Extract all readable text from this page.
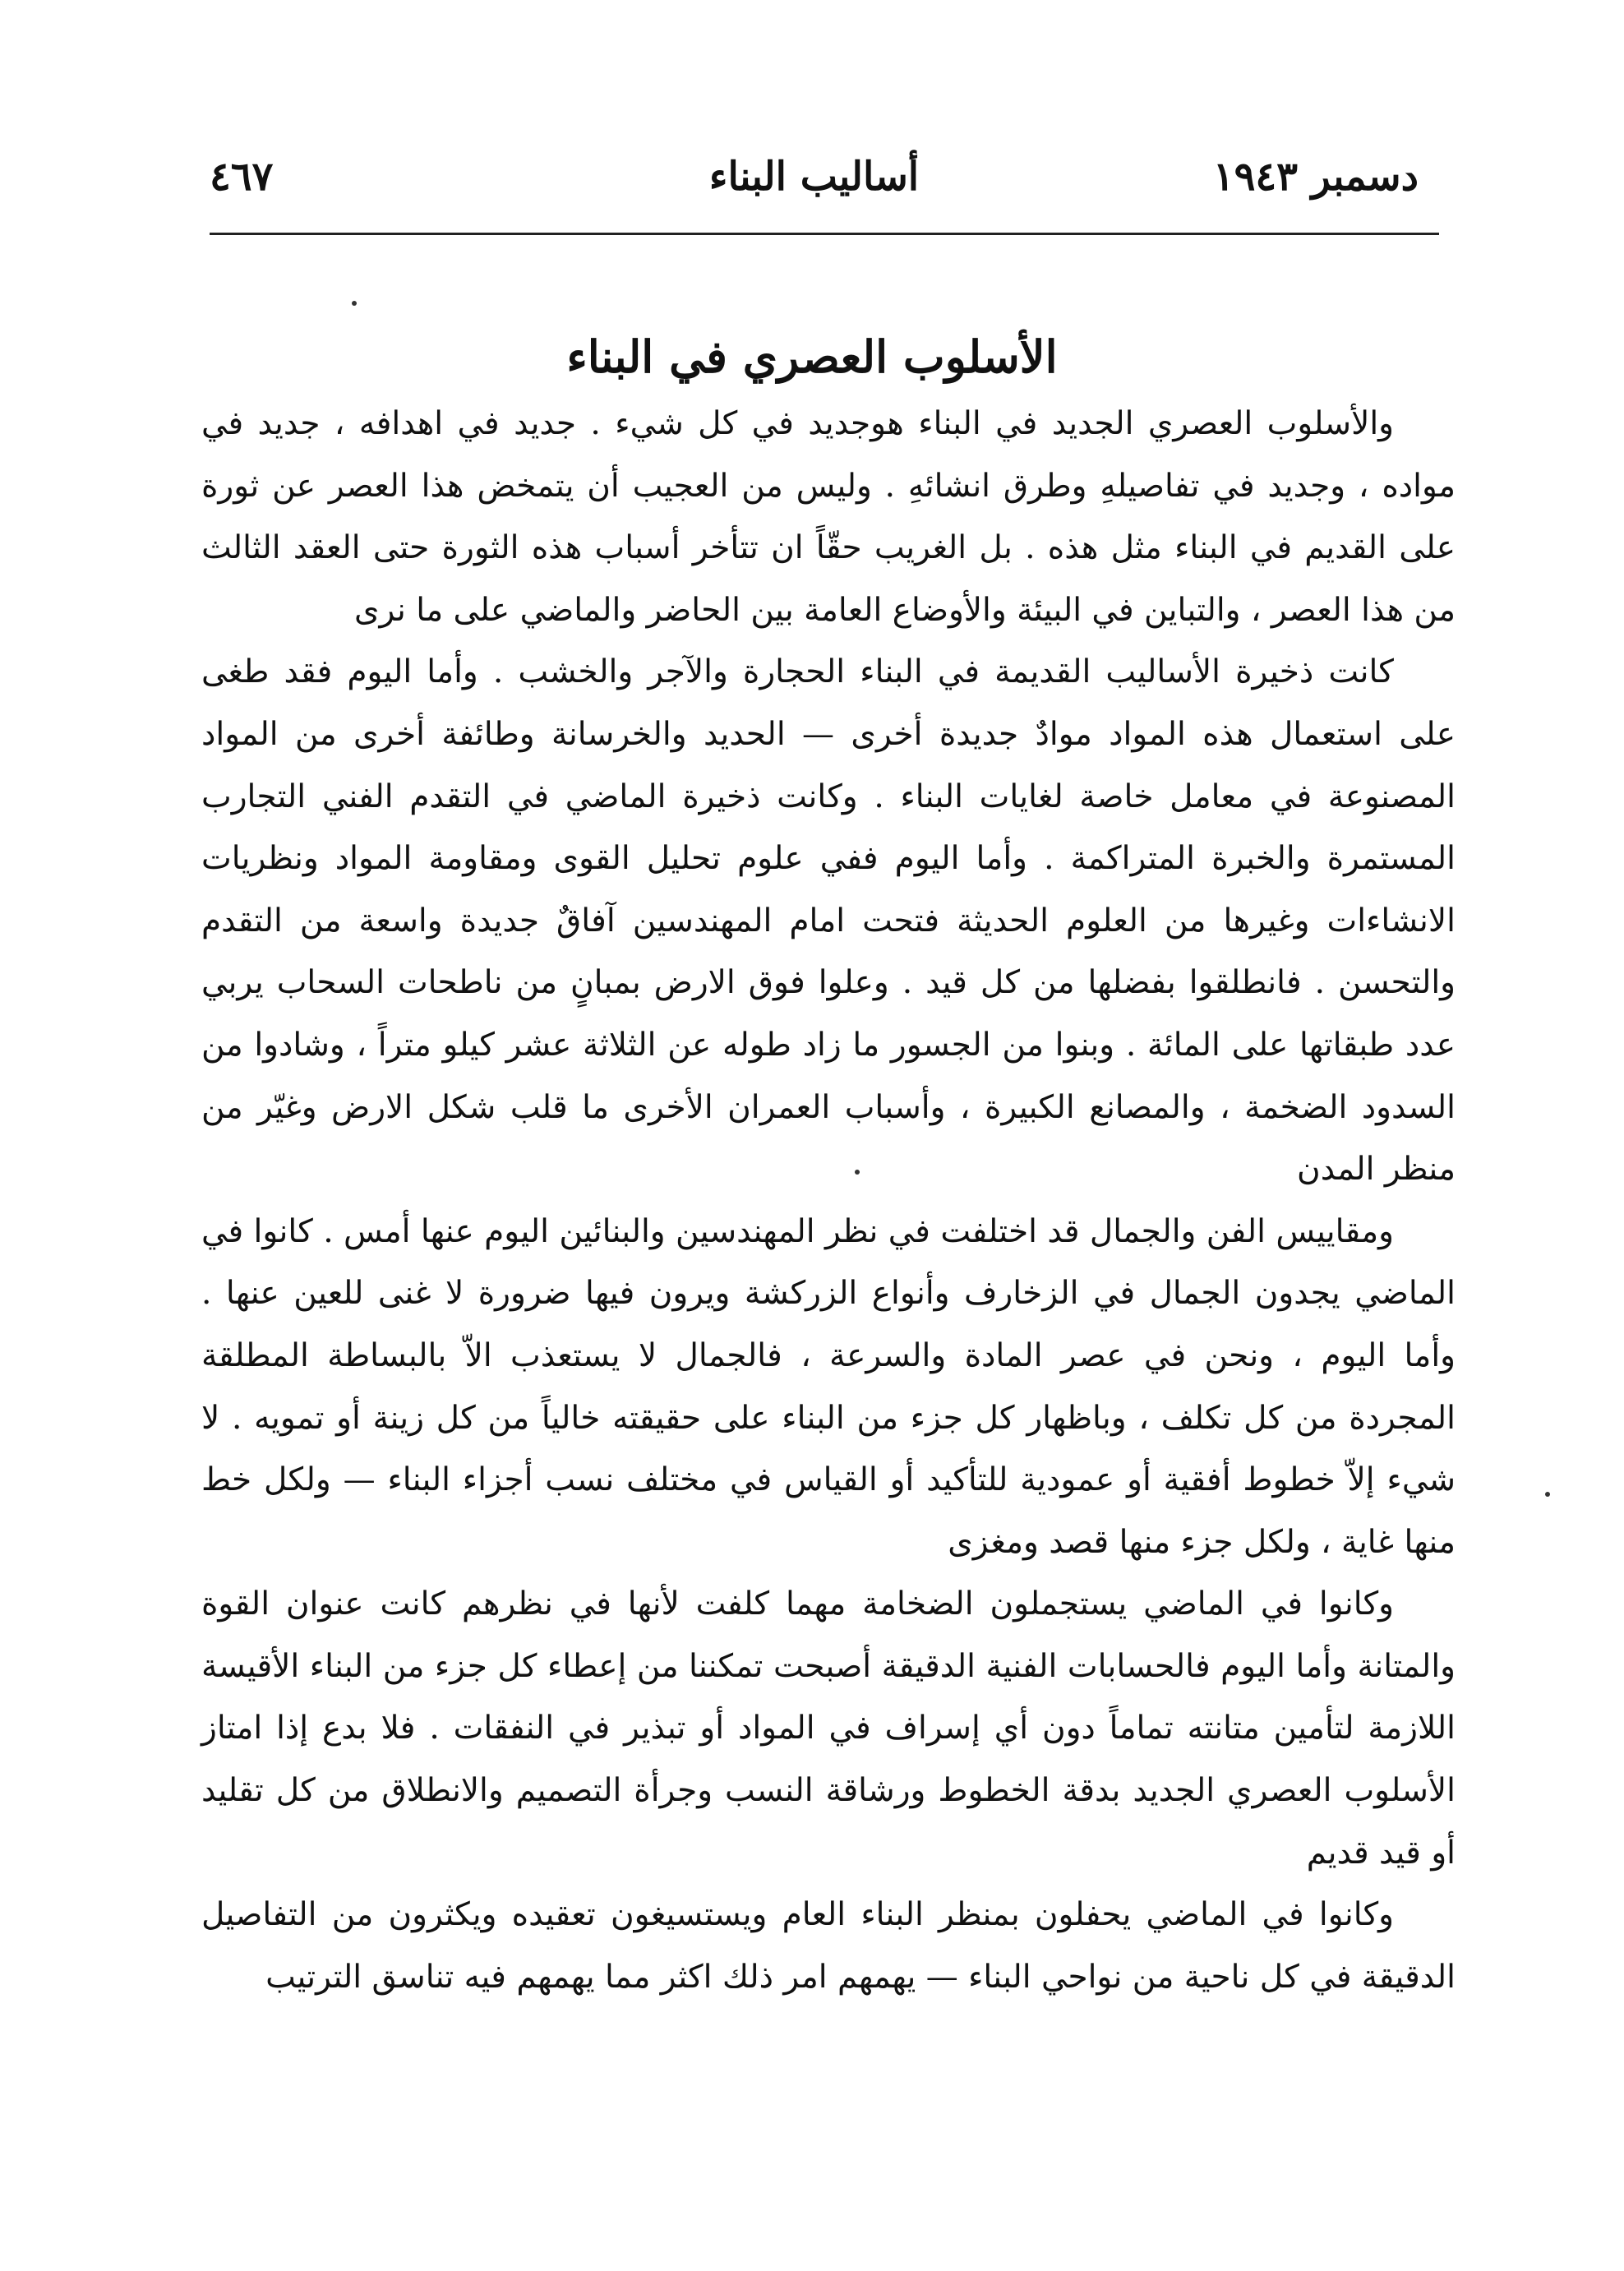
دسمبر ١٩٤٣
أساليب البناء
٤٦٧
الأسلوب العصري في البناء

والأسلوب العصري الجديد في البناء هوجديد في كل شيء . جديد في اهدافه ، جديد في مواده ، وجديد في تفاصيلهِ وطرق انشائهِ . وليس من العجيب أن يتمخض هذا العصر عن ثورة على القديم في البناء مثل هذه . بل الغريب حقّاً ان تتأخر أسباب هذه الثورة حتى العقد الثالث من هذا العصر ، والتباين في البيئة والأوضاع العامة بين الحاضر والماضي على ما نرى

كانت ذخيرة الأساليب القديمة في البناء الحجارة والآجر والخشب . وأما اليوم فقد طغى على استعمال هذه المواد موادٌ جديدة أخرى — الحديد والخرسانة وطائفة أخرى من المواد المصنوعة في معامل خاصة لغايات البناء . وكانت ذخيرة الماضي في التقدم الفني التجارب المستمرة والخبرة المتراكمة . وأما اليوم ففي علوم تحليل القوى ومقاومة المواد ونظريات الانشاءات وغيرها من العلوم الحديثة فتحت امام المهندسين آفاقٌ جديدة واسعة من التقدم والتحسن . فانطلقوا بفضلها من كل قيد . وعلوا فوق الارض بمبانٍ من ناطحات السحاب يربي عدد طبقاتها على المائة . وبنوا من الجسور ما زاد طوله عن الثلاثة عشر كيلو متراً ، وشادوا من السدود الضخمة ، والمصانع الكبيرة ، وأسباب العمران الأخرى ما قلب شكل الارض وغيّر من منظر المدن

ومقاييس الفن والجمال قد اختلفت في نظر المهندسين والبنائين اليوم عنها أمس . كانوا في الماضي يجدون الجمال في الزخارف وأنواع الزركشة ويرون فيها ضرورة لا غنى للعين عنها . وأما اليوم ، ونحن في عصر المادة والسرعة ، فالجمال لا يستعذب الاّ بالبساطة المطلقة المجردة من كل تكلف ، وباظهار كل جزء من البناء على حقيقته خالياً من كل زينة أو تمويه . لا شيء إلاّ خطوط أفقية أو عمودية للتأكيد أو القياس في مختلف نسب أجزاء البناء — ولكل خط منها غاية ، ولكل جزء منها قصد ومغزى

وكانوا في الماضي يستجملون الضخامة مهما كلفت لأنها في نظرهم كانت عنوان القوة والمتانة وأما اليوم فالحسابات الفنية الدقيقة أصبحت تمكننا من إعطاء كل جزء من البناء الأقيسة اللازمة لتأمين متانته تماماً دون أي إسراف في المواد أو تبذير في النفقات . فلا بدع إذا امتاز الأسلوب العصري الجديد بدقة الخطوط ورشاقة النسب وجرأة التصميم والانطلاق من كل تقليد أو قيد قديم

وكانوا في الماضي يحفلون بمنظر البناء العام ويستسيغون تعقيده ويكثرون من التفاصيل الدقيقة في كل ناحية من نواحي البناء — يهمهم امر ذلك اكثر مما يهمهم فيه تناسق الترتيب
